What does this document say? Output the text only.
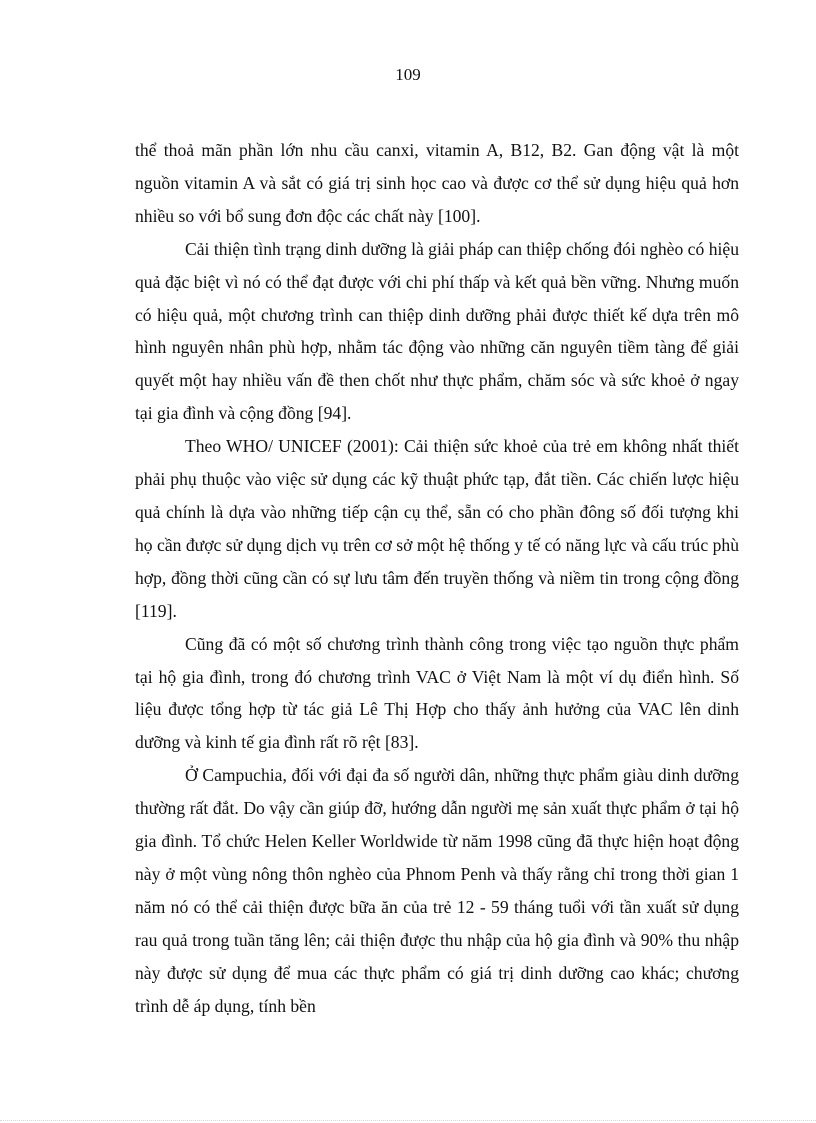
109

thể thoả mãn phần lớn nhu cầu canxi, vitamin A, B12, B2. Gan động vật là một nguồn vitamin A và sắt có giá trị sinh học cao và được cơ thể sử dụng hiệu quả hơn nhiều so với bổ sung đơn độc các chất này [100].

Cải thiện tình trạng dinh dưỡng là giải pháp can thiệp chống đói nghèo có hiệu quả đặc biệt vì nó có thể đạt được với chi phí thấp và kết quả bền vững. Nhưng muốn có hiệu quả, một chương trình can thiệp dinh dưỡng phải được thiết kế dựa trên mô hình nguyên nhân phù hợp, nhằm tác động vào những căn nguyên tiềm tàng để giải quyết một hay nhiều vấn đề then chốt như thực phẩm, chăm sóc và sức khoẻ ở ngay tại gia đình và cộng đồng [94].

Theo WHO/ UNICEF (2001): Cải thiện sức khoẻ của trẻ em không nhất thiết phải phụ thuộc vào việc sử dụng các kỹ thuật phức tạp, đắt tiền. Các chiến lược hiệu quả chính là dựa vào những tiếp cận cụ thể, sẵn có cho phần đông số đối tượng khi họ cần được sử dụng dịch vụ trên cơ sở một hệ thống y tế có năng lực và cấu trúc phù hợp, đồng thời cũng cần có sự lưu tâm đến truyền thống và niềm tin trong cộng đồng [119].

Cũng đã có một số chương trình thành công trong việc tạo nguồn thực phẩm tại hộ gia đình, trong đó chương trình VAC ở Việt Nam là một ví dụ điển hình. Số liệu được tổng hợp từ tác giả Lê Thị Hợp cho thấy ảnh hưởng của VAC lên dinh dưỡng và kinh tế gia đình rất rõ rệt [83].

Ở Campuchia, đối với đại đa số người dân, những thực phẩm giàu dinh dưỡng thường rất đắt. Do vậy cần giúp đỡ, hướng dẫn người mẹ sản xuất thực phẩm ở tại hộ gia đình. Tổ chức Helen Keller Worldwide từ năm 1998 cũng đã thực hiện hoạt động này ở một vùng nông thôn nghèo của Phnom Penh và thấy rằng chỉ trong thời gian 1 năm nó có thể cải thiện được bữa ăn của trẻ 12 - 59 tháng tuổi với tần xuất sử dụng rau quả trong tuần tăng lên; cải thiện được thu nhập của hộ gia đình và 90% thu nhập này được sử dụng để mua các thực phẩm có giá trị dinh dưỡng cao khác; chương trình dễ áp dụng, tính bền
